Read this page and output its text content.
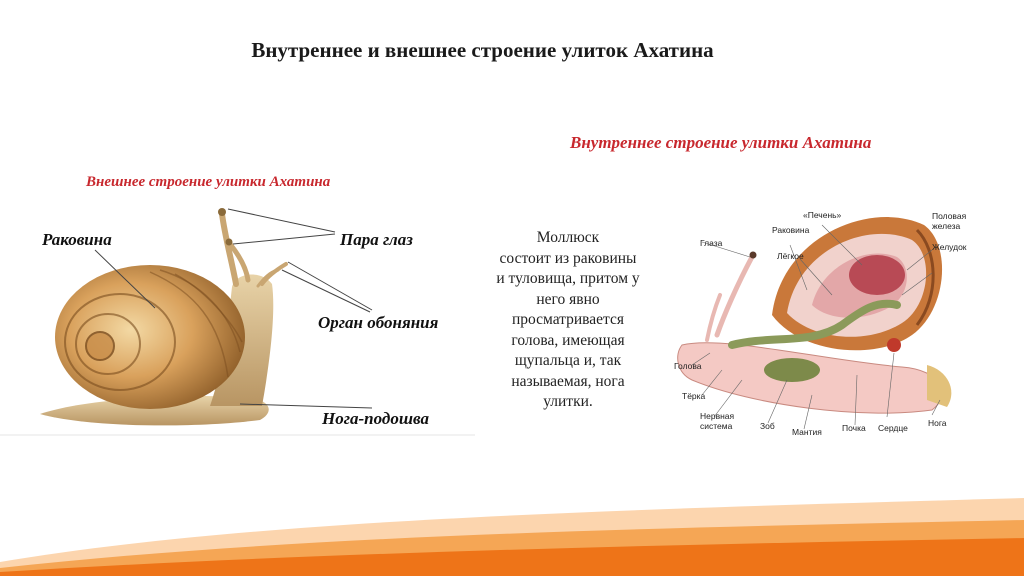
Внутреннее и внешнее строение улиток Ахатина
Внешнее строение улитки Ахатина
Раковина	Пара глаз
Орган обоняния
Нога-подошва
Моллюск
состоит из раковины
и туловища, притом у
него явно
просматривается
голова, имеющая
щупальца и, так
называемая, нога
улитки.
Внутреннее строение улитки Ахатина
«Печень»
Раковина
Глаза
Лёгкое
Половая
железа
Желудок
Голова
Тёрка
Нервная
система	Зоб
Мантия Почка Сердце Нога
